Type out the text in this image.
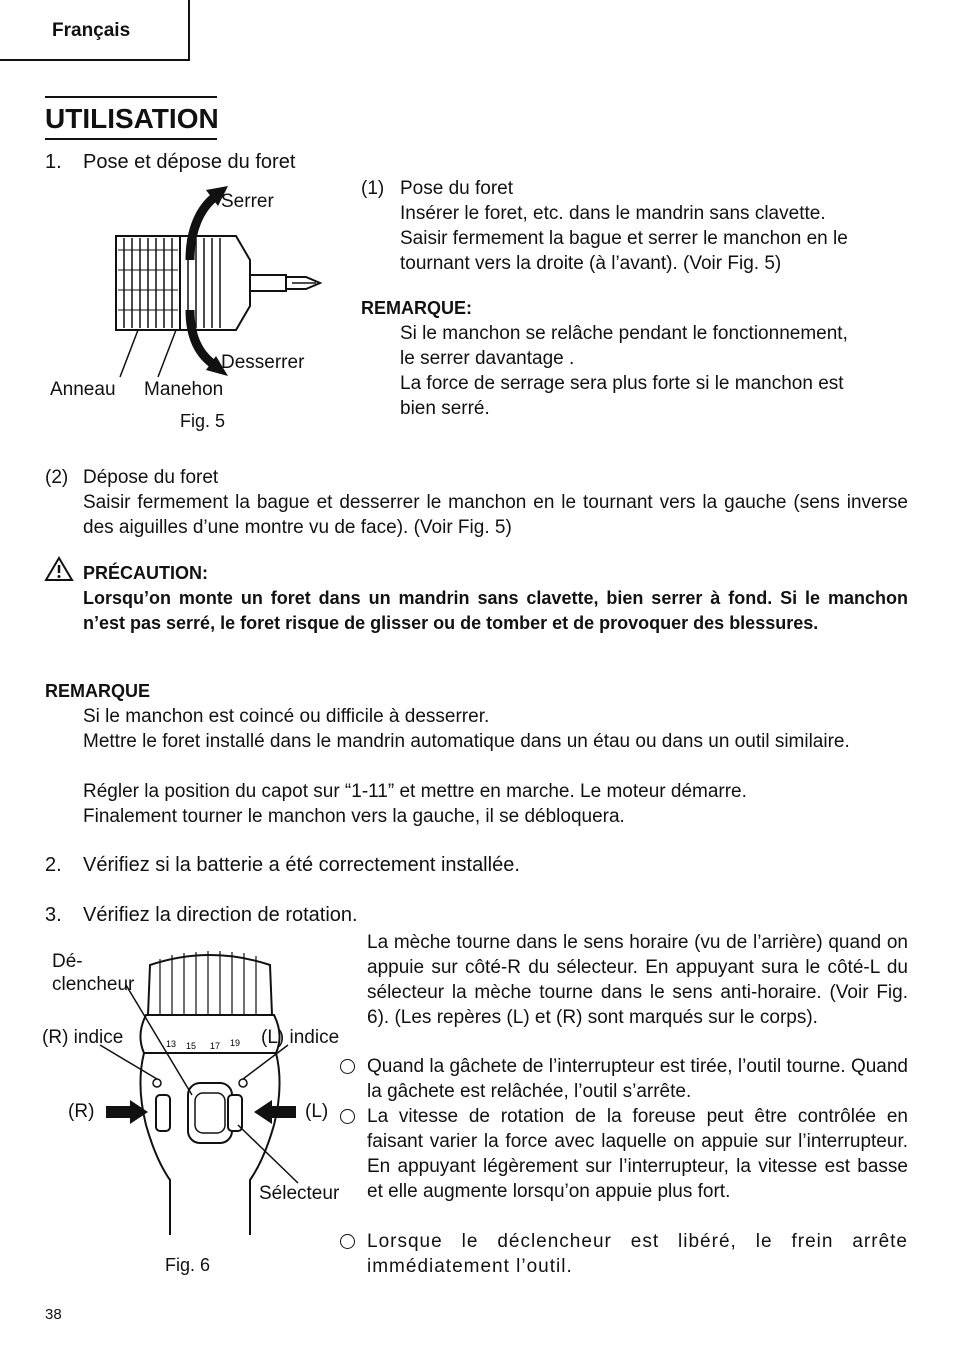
Français
UTILISATION
1. Pose et dépose du foret
Serrer
Desserrer
Anneau Manehon
Fig. 5
(1) Pose du foret
Insérer le foret, etc. dans le mandrin sans clavette.
Saisir fermement la bague et serrer le manchon en le
tournant vers la droite (à l’avant). (Voir Fig. 5)
REMARQUE:
Si le manchon se relâche pendant le fonctionnement,
le serrer davantage .
La force de serrage sera plus forte si le manchon est
bien serré.
(2) Dépose du foret
Saisir fermement la bague et desserrer le manchon en le tournant vers la gauche (sens inverse des aiguilles d’une montre vu de face). (Voir Fig. 5)
PRÉCAUTION:
Lorsqu’on monte un foret dans un mandrin sans clavette, bien serrer à fond. Si le manchon n’est pas serré, le foret risque de glisser ou de tomber et de provoquer des blessures.
REMARQUE
Si le manchon est coincé ou difficile à desserrer.
Mettre le foret installé dans le mandrin automatique dans un étau ou dans un outil similaire.
Régler la position du capot sur “1-11” et mettre en marche. Le moteur démarre.
Finalement tourner le manchon vers la gauche, il se débloquera.
2. Vérifiez si la batterie a été correctement installée.
3. Vérifiez la direction de rotation.
13 15 17 19
Dé-
clencheur
(R) indice	(L) indice
(R)	(L)
Sélecteur
Fig. 6
La mèche tourne dans le sens horaire (vu de l’arrière) quand on appuie sur côté-R du sélecteur. En appuyant sura le côté-L du sélecteur la mèche tourne dans le sens anti-horaire. (Voir Fig. 6). (Les repères (L) et (R) sont marqués sur le corps).
Quand la gâchete de l’interrupteur est tirée, l’outil tourne. Quand la gâchete est relâchée, l’outil s’arrête.
La vitesse de rotation de la foreuse peut être contrôlée en faisant varier la force avec laquelle on appuie sur l’interrupteur. En appuyant légèrement sur l’interrupteur, la vitesse est basse et elle augmente lorsqu’on appuie plus fort.
Lorsque le déclencheur est libéré, le frein arrête immédiatement l’outil.
38
